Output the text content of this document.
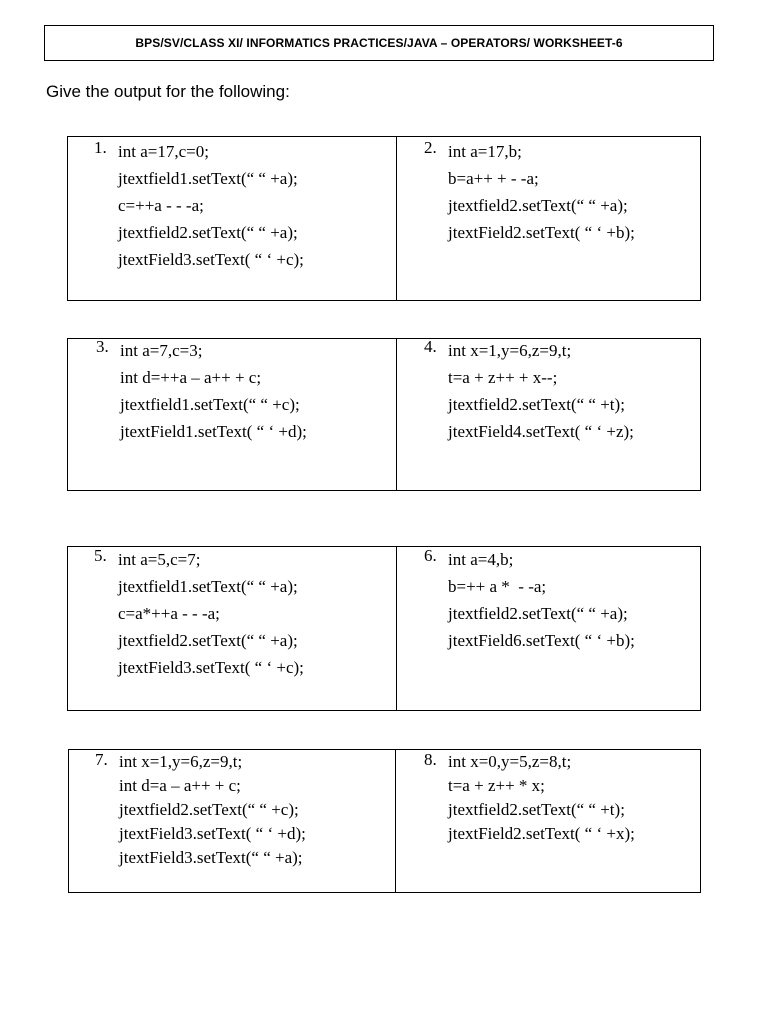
BPS/SV/CLASS XI/ INFORMATICS PRACTICES/JAVA – OPERATORS/ WORKSHEET-6
Give the output for the following:
1. int a=17,c=0;
jtextfield1.setText(“ “ +a);
c=++a - - -a;
jtextfield2.setText(“ “ +a);
jtextField3.setText( “ ‘ +c);
2. int a=17,b;
b=a++ + - -a;
jtextfield2.setText(“ “ +a);
jtextField2.setText( “ ‘ +b);
3. int a=7,c=3;
int d=++a – a++ + c;
jtextfield1.setText(“ “ +c);
jtextField1.setText( “ ‘ +d);
4. int x=1,y=6,z=9,t;
t=a + z++ + x--;
jtextfield2.setText(“ “ +t);
jtextField4.setText( “ ‘ +z);
5. int a=5,c=7;
jtextfield1.setText(“ “ +a);
c=a*++a - - -a;
jtextfield2.setText(“ “ +a);
jtextField3.setText( “ ‘ +c);
6. int a=4,b;
b=++ a *  - -a;
jtextfield2.setText(“ “ +a);
jtextField6.setText( “ ‘ +b);
7. int x=1,y=6,z=9,t;
int d=a – a++ + c;
jtextfield2.setText(“ “ +c);
jtextField3.setText( “ ‘ +d);
jtextField3.setText(“ “ +a);
8. int x=0,y=5,z=8,t;
t=a + z++ * x;
jtextfield2.setText(“ “ +t);
jtextField2.setText( “ ‘ +x);
